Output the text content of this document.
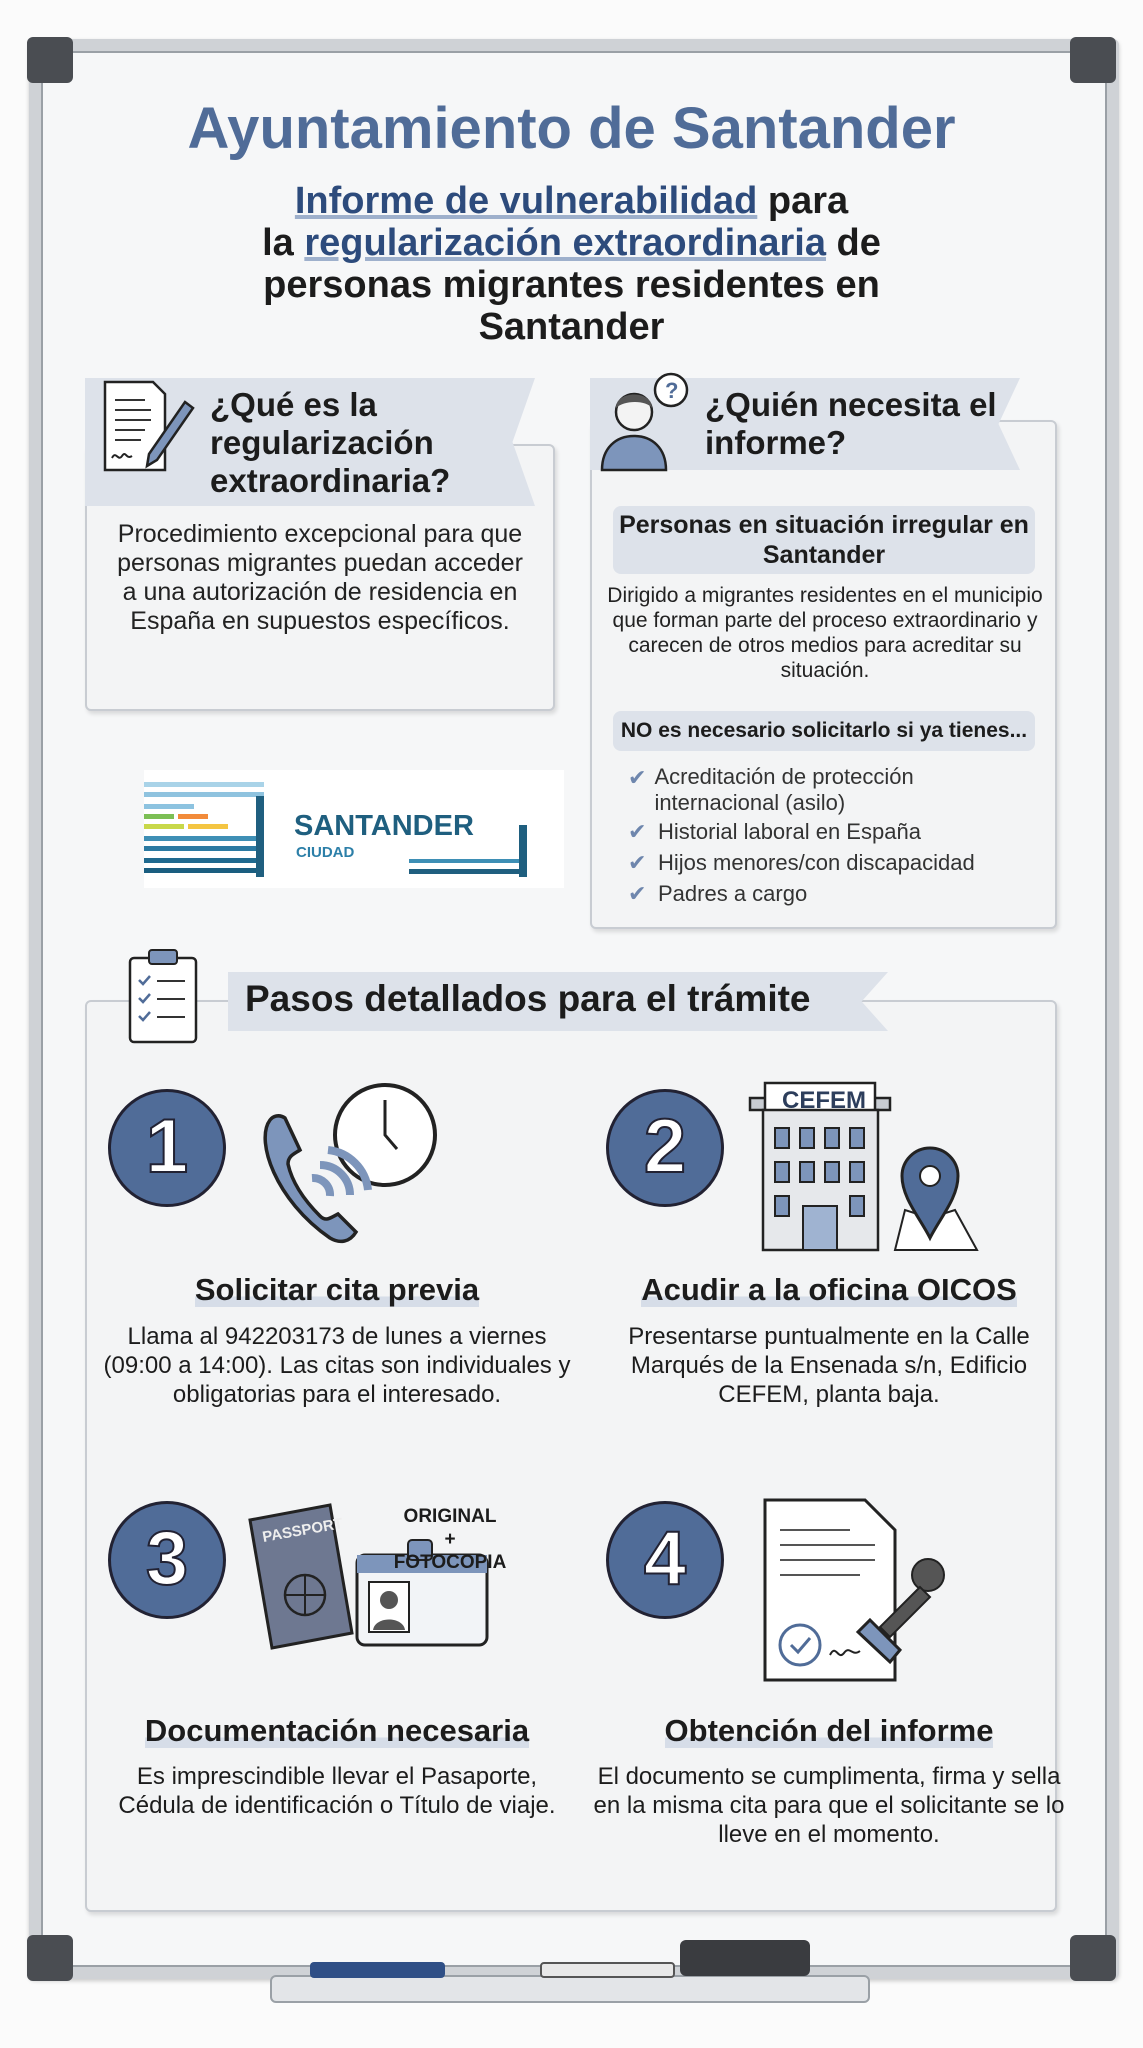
Ayuntamiento de Santander
Informe de vulnerabilidad para
la regularización extraordinaria de
personas migrantes residentes en
Santander
¿Qué es la regularización extraordinaria?
Procedimiento excepcional para que personas migrantes puedan acceder a una autorización de residencia en España en supuestos específicos.
SANTANDER
CIUDAD
? ¿Quién necesita el informe?
Personas en situación irregular en Santander
Dirigido a migrantes residentes en el municipio que forman parte del proceso extraordinario y carecen de otros medios para acreditar su situación.
NO es necesario solicitarlo si ya tienes...
✔ Acreditación de protección internacional (asilo)
✔ Historial laboral en España
✔ Hijos menores/con discapacidad
✔ Padres a cargo
Pasos detallados para el trámite
1
Solicitar cita previa
Llama al 942203173 de lunes a viernes (09:00 a 14:00). Las citas son individuales y obligatorias para el interesado.
2
CEFEM
Acudir a la oficina OICOS
Presentarse puntualmente en la Calle Marqués de la Ensenada s/n, Edificio CEFEM, planta baja.
3	PASSPORT	ORIGINAL
+ FOTOCOPIA
Documentación necesaria
Es imprescindible llevar el Pasaporte, Cédula de identificación o Título de viaje.
4
Obtención del informe
El documento se cumplimenta, firma y sella en la misma cita para que el solicitante se lo lleve en el momento.
